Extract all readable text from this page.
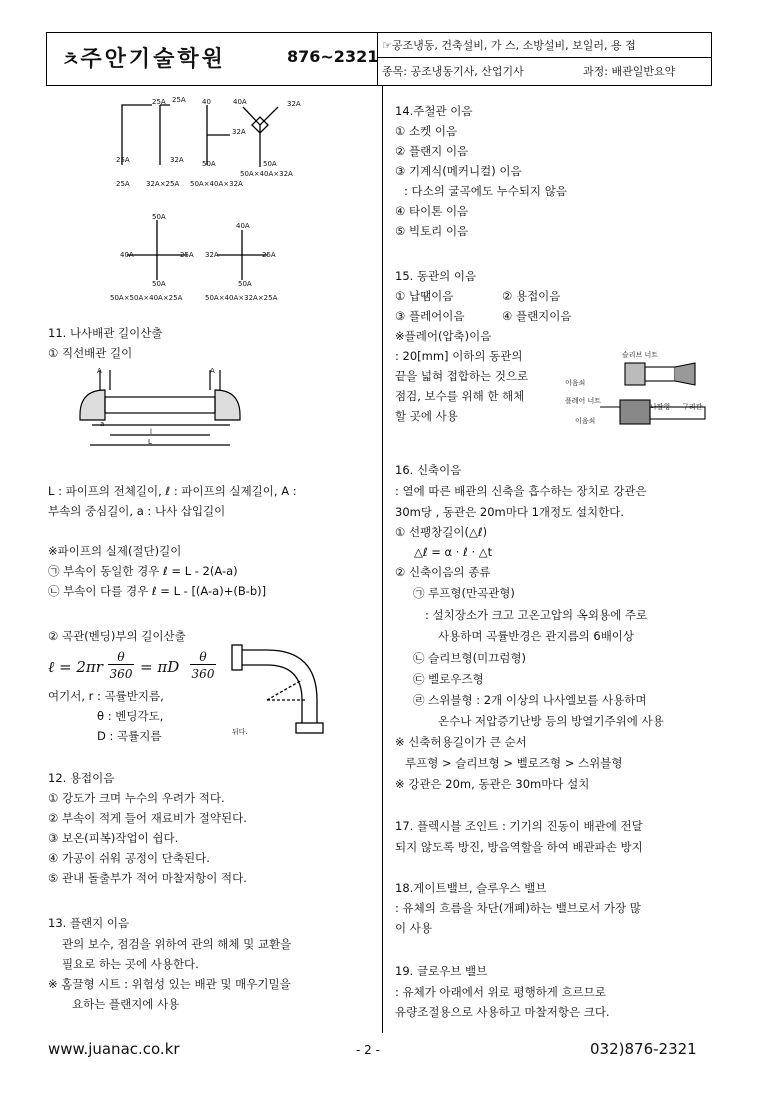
ㅊ주안기술학원	876~2321
☞공조냉동, 건축설비, 가 스, 소방설비, 보일러, 용 접
종목: 공조냉동기사, 산업기사	과정: 배관일반요약
25A 25A
25A
25A
32A
32A×25A
40
32A
50A
50A×40A×32A
40A	32A
50A
50A×40A×32A
50A
40A	25A
50A
50A×50A×40A×25A
40A
32A	25A
50A
50A×40A×32A×25A
11. 나사배관 길이산출
① 직선배관 길이
A	A
a
l
L
L : 파이프의 전체길이, ℓ : 파이프의 실제길이, A :
부속의 중심길이, a : 나사 삽입길이
※파이프의 실제(절단)길이
㉠ 부속이 동일한 경우 ℓ = L - 2(A-a)
㉡ 부속이 다를 경우 ℓ = L - [(A-a)+(B-b)]
② 곡관(벤딩)부의 길이산출
ℓ = 2πr
θ
360 = πD
θ
360
뒤다.
여기서, r : 곡률반지름,
θ : 벤딩각도,
D : 곡률지름
12. 용접이음
① 강도가 크며 누수의 우려가 적다.
② 부속이 적게 들어 재료비가 절약된다.
③ 보온(피복)작업이 쉽다.
④ 가공이 쉬워 공정이 단축된다.
⑤ 관내 돌출부가 적어 마찰저항이 적다.
13. 플랜지 이음
관의 보수, 점검을 위하여 관의 해체 및 교환을
필요로 하는 곳에 사용한다.
※ 홈끌형 시트 : 위험성 있는 배관 및 매우기밀을
요하는 플랜지에 사용
14.주철관 이음
① 소켓 이음
② 플랜지 이음
③ 기계식(메커니컬) 이음
: 다소의 굴곡에도 누수되지 않음
④ 타이톤 이음
⑤ 빅토리 이음
15. 동관의 이음
① 납땜이음	② 용접이음
③ 플레어이음	④ 플랜지이음
※플레어(압축)이음
: 20[mm] 이하의 동관의
끝을 넓혀 접합하는 것으로
점검, 보수를 위해 한 해체
할 곳에 사용
슬리브 너트
이음쇠
플레어 너트
나팔형 구리관
이음쇠
16. 신축이음
: 열에 따른 배관의 신축을 흡수하는 장치로 강관은
30m당 , 동관은 20m마다 1개정도 설치한다.
① 선팽창길이(△ℓ)
△ℓ = α · ℓ · △t
② 신축이음의 종류
㉠ 루프형(만곡관형)
: 설치장소가 크고 고온고압의 옥외용에 주로
사용하며 곡률반경은 관지름의 6배이상
㉡ 슬리브형(미끄럼형)
㉢ 벨로우즈형
㉣ 스위블형 : 2개 이상의 나사엘보를 사용하며
온수나 저압증기난방 등의 방열기주위에 사용
※ 신축허용길이가 큰 순서
루프형 > 슬리브형 > 벨로즈형 > 스위블형
※ 강관은 20m, 동관은 30m마다 설치
17. 플렉시블 조인트 : 기기의 진동이 배관에 전달
되지 않도록 방진, 방음역할을 하여 배관파손 방지
18.게이트밸브, 슬루우스 밸브
: 유체의 흐름을 차단(개폐)하는 밸브로서 가장 많
이 사용
19. 글로우브 밸브
: 유체가 아래에서 위로 평행하게 흐르므로
유량조절용으로 사용하고 마찰저항은 크다.
www.juanac.co.kr	- 2 -	032)876-2321
